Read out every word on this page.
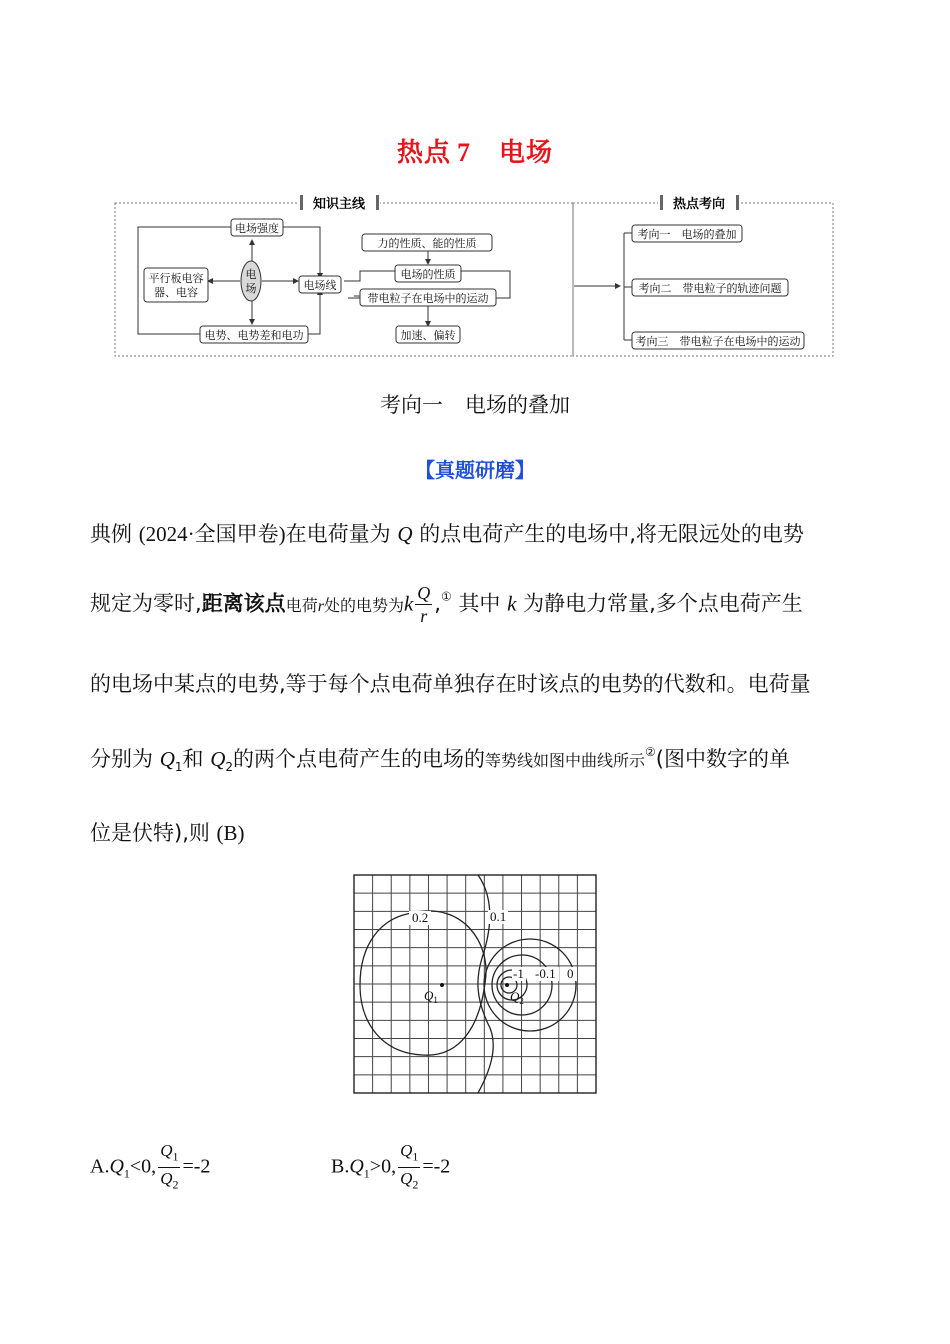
热点 7 电场
知识主线	热点考向
电场强度
平行板电容
器、电容
电
场
电势、电势差和电功
电场线
力的性质、能的性质
电场的性质
带电粒子在电场中的运动
加速、偏转
考向一　电场的叠加
考向二　带电粒子的轨迹问题
考向三　带电粒子在电场中的运动
考向一 电场的叠加
【真题研磨】
典例 (2024·全国甲卷)在电荷量为 Q 的点电荷产生的电场中,将无限远处的电势
规定为零时,距离该点电荷r处的电势为k $\frac{Q}{r} ,^①$ 其中 k 为静电力常量,多个点电荷产生
的电场中某点的电势,等于每个点电荷单独存在时该点的电势的代数和。电荷量
分别为 $Q_1$和 $Q_2$的两个点电荷产生的电场的等势线如图中曲线所示②(图中数字的单
位是伏特),则 (B)
0.2	0.1
-1 -0.1 0
$Q_1$	$Q_2$
$A.Q_1<0$, $\frac{Q_1}{Q_2} =-2$	$B.Q_1>0$, $\frac{Q_1}{Q_2} =-2$
